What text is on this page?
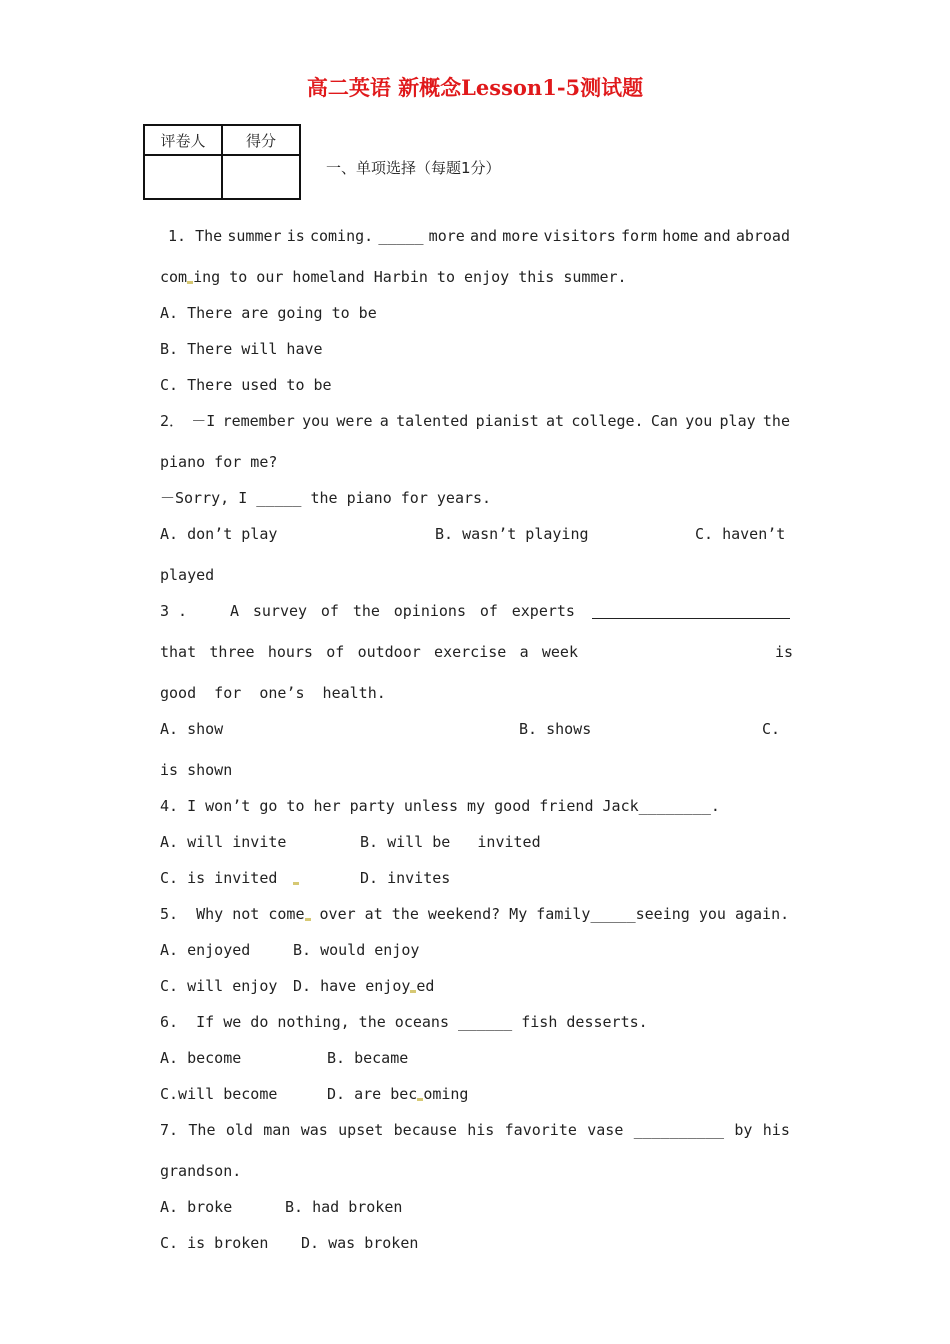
高二英语 新概念Lesson1-5测试题
评卷人	得分

一、单项选择（每题1分）
1. The summer is coming. _____ more and more visitors form home and abroad
com ing to our homeland Harbin to enjoy this summer.
A. There are going to be
B. There will have
C. There used to be
2． －I remember you were a talented pianist at college. Can you play the
piano for me?
－Sorry, I _____ the piano for years.
A. don’t play	B. wasn’t playing	C. haven’t
played
3 .	A survey of the opinions of experts
that three hours of outdoor exercise a week	is
good  for  one’s  health.
A. show	B. shows	C.
is shown
4. I won’t go to her party unless my good friend Jack________.
A. will invite	B. will be   invited
C. is invited	D. invites
5.  Why not come over at the weekend? My family_____seeing you again.
A. enjoyed	B. would enjoy
C. will enjoy	D. have enjoy ed
6.  If we do nothing, the oceans ______ fish desserts.
A. become	B. became
C.will become	D. are bec oming
7. The old man was upset because his favorite vase __________ by his
grandson.
A. broke	B. had broken
C. is broken	D. was broken
